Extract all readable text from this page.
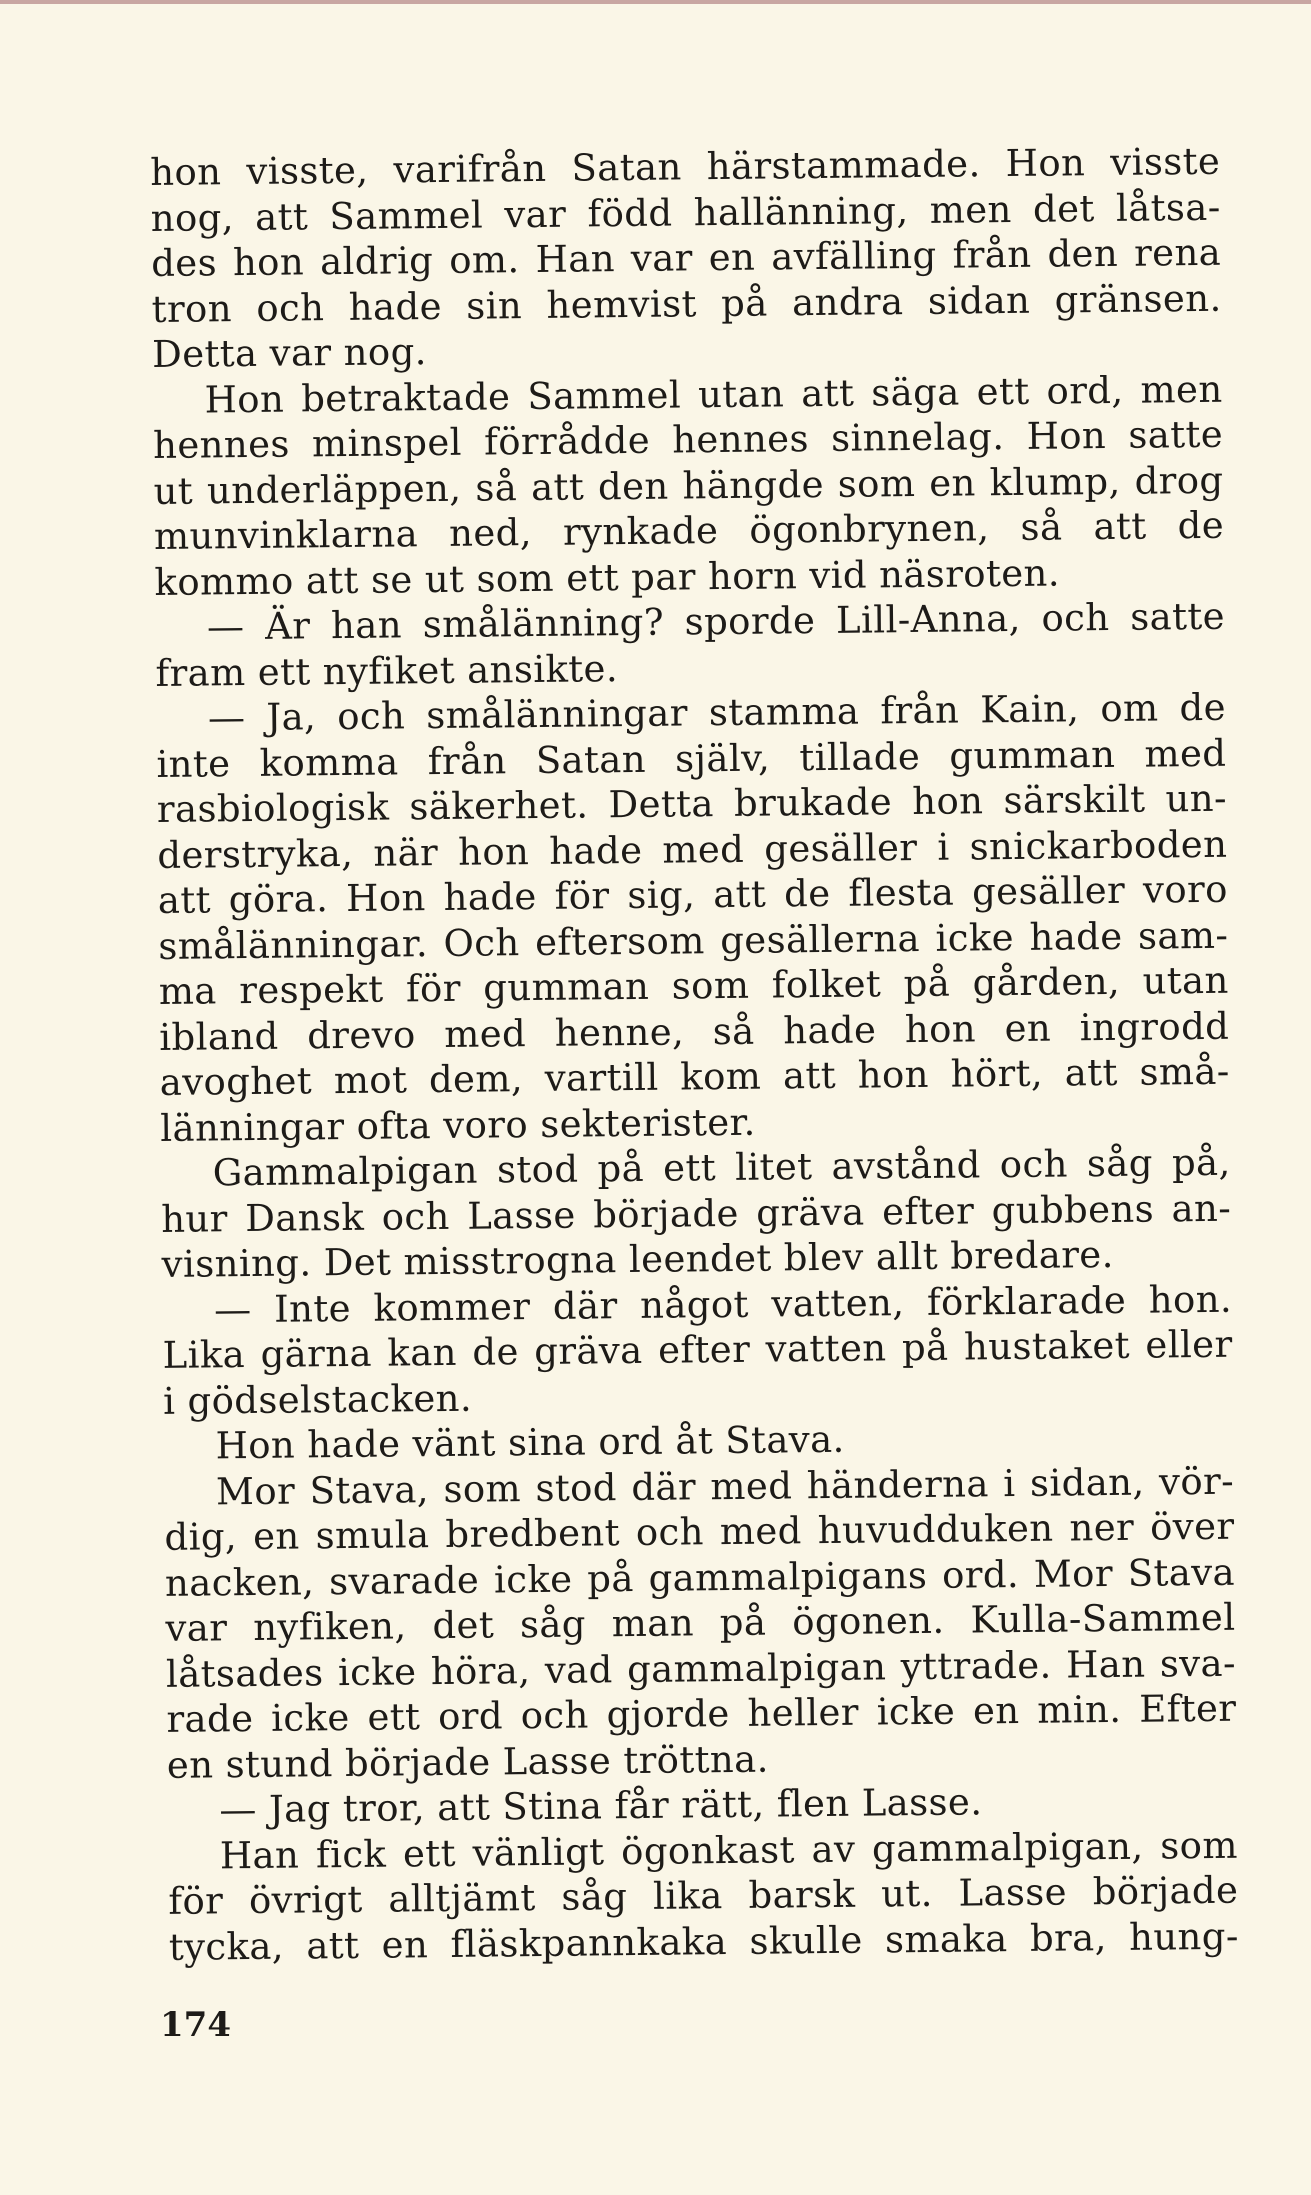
hon visste, varifrån Satan härstammade. Hon visste
nog, att Sammel var född hallänning, men det låtsa-
des hon aldrig om. Han var en avfälling från den rena
tron och hade sin hemvist på andra sidan gränsen.
Detta var nog.
Hon betraktade Sammel utan att säga ett ord, men
hennes minspel förrådde hennes sinnelag. Hon satte
ut underläppen, så att den hängde som en klump, drog
munvinklarna ned, rynkade ögonbrynen, så att de
kommo att se ut som ett par horn vid näsroten.
— Är han smålänning? sporde Lill-Anna, och satte
fram ett nyfiket ansikte.
— Ja, och smålänningar stamma från Kain, om de
inte komma från Satan själv, tillade gumman med
rasbiologisk säkerhet. Detta brukade hon särskilt un-
derstryka, när hon hade med gesäller i snickarboden
att göra. Hon hade för sig, att de flesta gesäller voro
smålänningar. Och eftersom gesällerna icke hade sam-
ma respekt för gumman som folket på gården, utan
ibland drevo med henne, så hade hon en ingrodd
avoghet mot dem, vartill kom att hon hört, att små-
länningar ofta voro sekterister.
Gammalpigan stod på ett litet avstånd och såg på,
hur Dansk och Lasse började gräva efter gubbens an-
visning. Det misstrogna leendet blev allt bredare.
— Inte kommer där något vatten, förklarade hon.
Lika gärna kan de gräva efter vatten på hustaket eller
i gödselstacken.
Hon hade vänt sina ord åt Stava.
Mor Stava, som stod där med händerna i sidan, vör-
dig, en smula bredbent och med huvudduken ner över
nacken, svarade icke på gammalpigans ord. Mor Stava
var nyfiken, det såg man på ögonen. Kulla-Sammel
låtsades icke höra, vad gammalpigan yttrade. Han sva-
rade icke ett ord och gjorde heller icke en min. Efter
en stund började Lasse tröttna.
— Jag tror, att Stina får rätt, flen Lasse.
Han fick ett vänligt ögonkast av gammalpigan, som
för övrigt alltjämt såg lika barsk ut. Lasse började
tycka, att en fläskpannkaka skulle smaka bra, hung-
174
